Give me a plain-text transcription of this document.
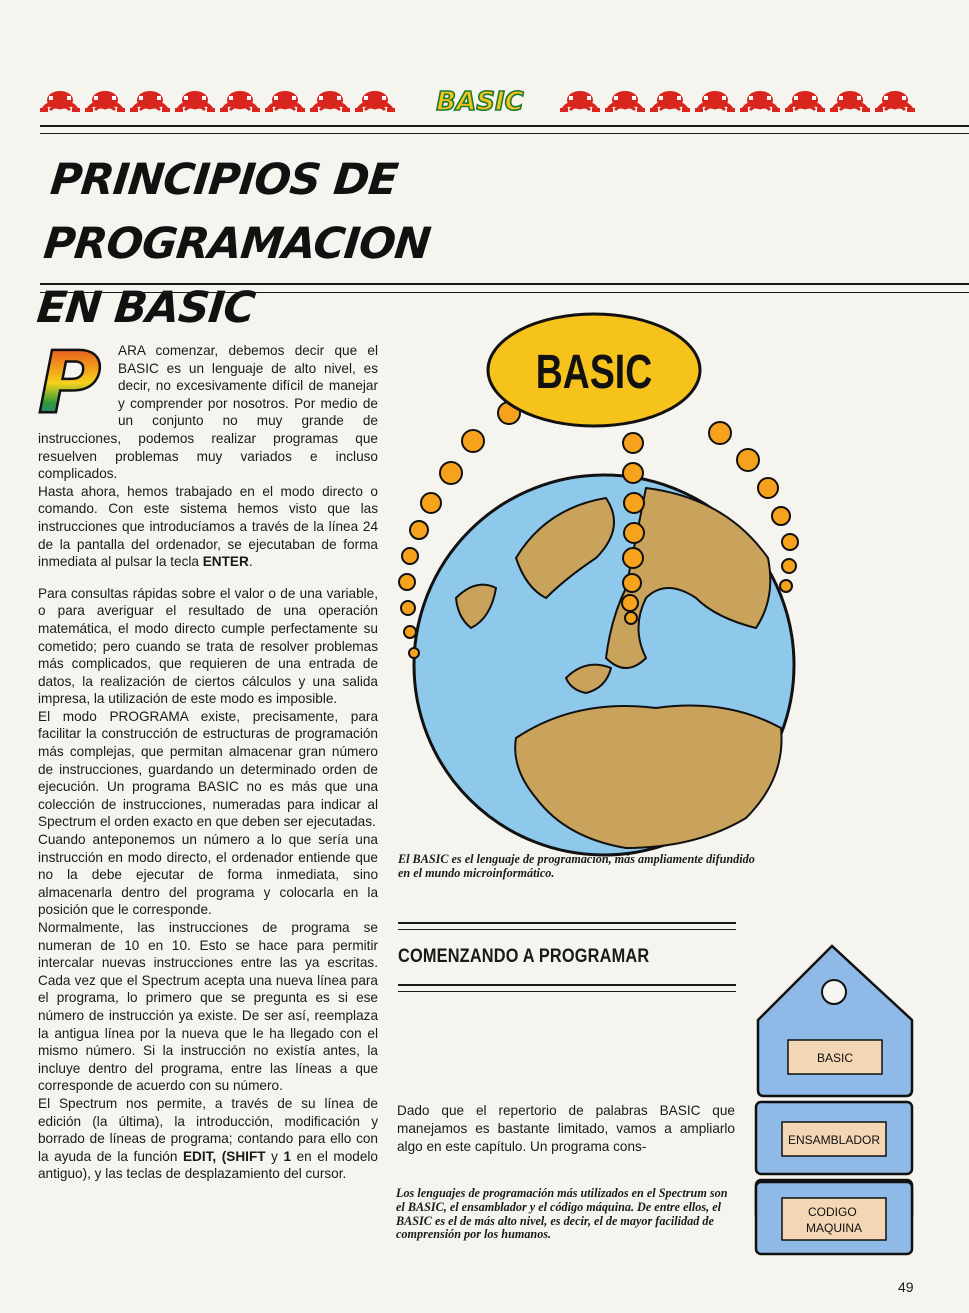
BASIC
PRINCIPIOS DE PROGRAMACION
EN BASIC
P	ARA comenzar, debemos decir que el BASIC es un lenguaje de alto nivel, es decir, no excesivamente difícil de manejar y comprender por nosotros. Por medio de un conjunto no muy grande de instrucciones, podemos realizar programas que resuelven problemas muy variados e incluso complicados.

Hasta ahora, hemos trabajado en el modo directo o comando. Con este sistema hemos visto que las instrucciones que introducíamos a través de la línea 24 de la pantalla del ordenador, se ejecutaban de forma inmediata al pulsar la tecla ENTER.

Para consultas rápidas sobre el valor o de una variable, o para averiguar el resultado de una operación matemática, el modo directo cumple perfectamente su cometido; pero cuando se trata de resolver problemas más complicados, que requieren de una entrada de datos, la realización de ciertos cálculos y una salida impresa, la utilización de este modo es imposible.

El modo PROGRAMA existe, precisamente, para facilitar la construcción de estructuras de programación más complejas, que permitan almacenar gran número de instrucciones, guardando un determinado orden de ejecución. Un programa BASIC no es más que una colección de instrucciones, numeradas para indicar al Spectrum el orden exacto en que deben ser ejecutadas.

Cuando anteponemos un número a lo que sería una instrucción en modo directo, el ordenador entiende que no la debe ejecutar de forma inmediata, sino almacenarla dentro del programa y colocarla en la posición que le corresponde.

Normalmente, las instrucciones de programa se numeran de 10 en 10. Esto se hace para permitir intercalar nuevas instrucciones entre las ya escritas. Cada vez que el Spectrum acepta una nueva línea para el programa, lo primero que se pregunta es si ese número de instrucción ya existe. De ser así, reemplaza la antigua línea por la nueva que le ha llegado con el mismo número. Si la instrucción no existía antes, la incluye dentro del programa, entre las líneas a que corresponde de acuerdo con su número.

El Spectrum nos permite, a través de su línea de edición (la última), la introducción, modificación y borrado de líneas de programa; contando para ello con la ayuda de la función EDIT, (SHIFT y 1 en el modelo antiguo), y las teclas de desplazamiento del cursor.

BASIC
El BASIC es el lenguaje de programación, más ampliamente difundido en el mundo microinformático.
COMENZANDO A PROGRAMAR
Dado que el repertorio de palabras BASIC que manejamos es bastante limitado, vamos a ampliarlo algo en este capítulo. Un programa cons-
Los lenguajes de programación más utilizados en el Spectrum son el BASIC, el ensamblador y el código máquina. De entre ellos, el BASIC es el de más alto nivel, es decir, el de mayor facilidad de comprensión por los humanos.
BASIC
ENSAMBLADOR
CODIGO MAQUINA
49
